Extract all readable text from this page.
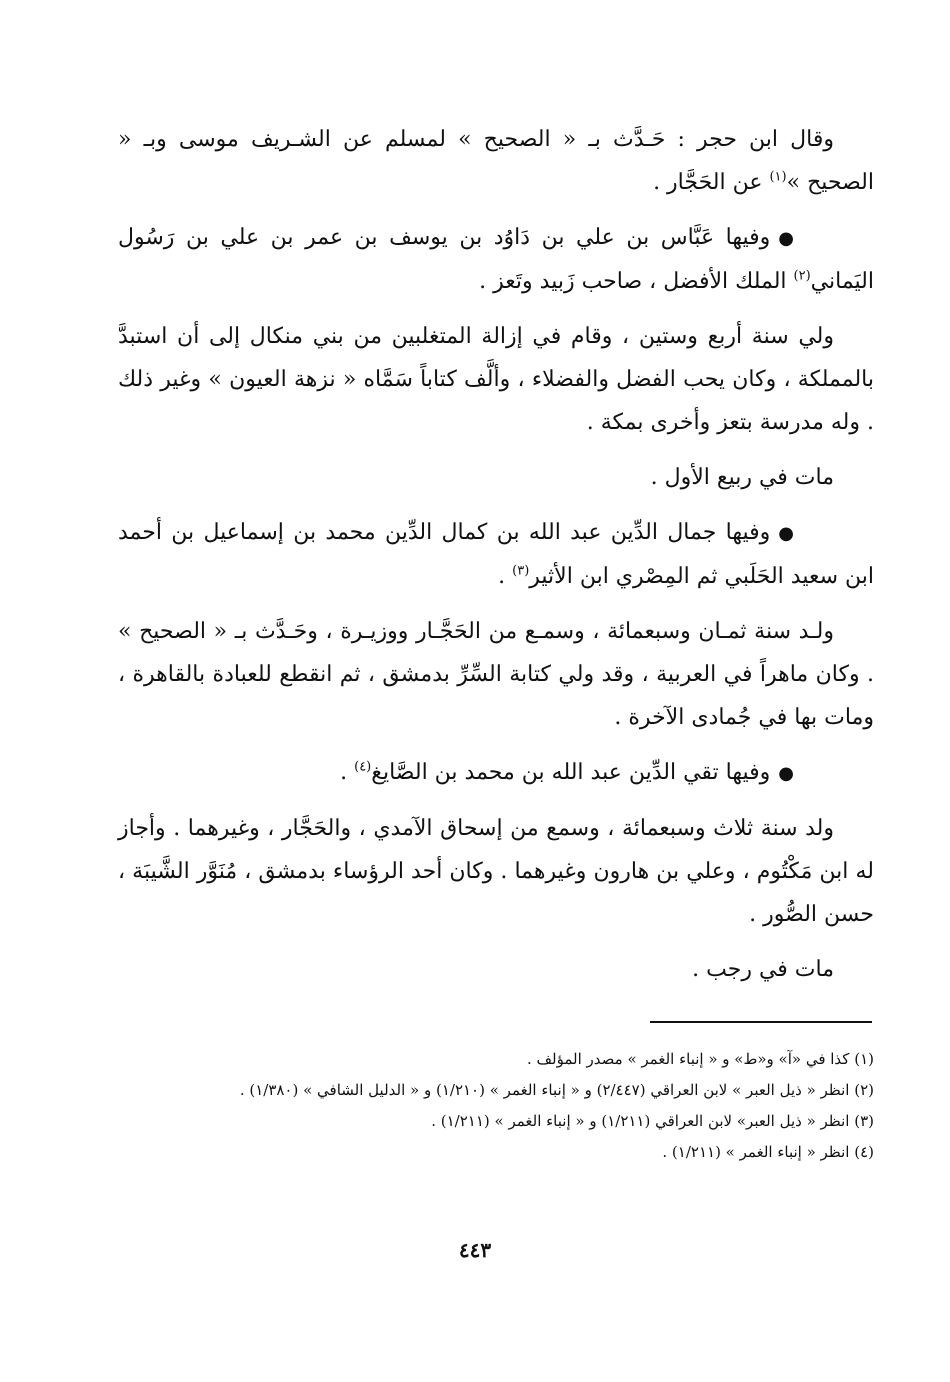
وقال ابن حجر : حَـدَّث بـ « الصحيح » لمسلم عن الشـريف موسى وبـ « الصحيح »$^{(١)}$ عن الحَجَّار .

●وفيها عَبَّاس بن علي بن دَاوُد بن يوسف بن عمر بن علي بن رَسُول اليَماني$^{(٢)}$ الملك الأفضل ، صاحب زَبيد وتَعز .

ولي سنة أربع وستين ، وقام في إزالة المتغلبين من بني منكال إلى أن استبدَّ بالمملكة ، وكان يحب الفضل والفضلاء ، وألَّف كتاباً سَمَّاه « نزهة العيون » وغير ذلك . وله مدرسة بتعز وأخرى بمكة .

مات في ربيع الأول .

●وفيها جمال الدِّين عبد الله بن كمال الدِّين محمد بن إسماعيل بن أحمد ابن سعيد الحَلَبي ثم المِصْري ابن الأثير$^{(٣)}$ .

ولـد سنة ثمـان وسبعمائة ، وسمـع من الحَجَّـار ووزيـرة ، وحَـدَّث بـ « الصحيح » . وكان ماهراً في العربية ، وقد ولي كتابة السِّرِّ بدمشق ، ثم انقطع للعبادة بالقاهرة ، ومات بها في جُمادى الآخرة .

●وفيها تقي الدِّين عبد الله بن محمد بن الصَّايغ$^{(٤)}$ .

ولد سنة ثلاث وسبعمائة ، وسمع من إسحاق الآمدي ، والحَجَّار ، وغيرهما . وأجاز له ابن مَكْتُوم ، وعلي بن هارون وغيرهما . وكان أحد الرؤساء بدمشق ، مُنَوَّر الشَّيبَة ، حسن الصُّور .

مات في رجب .

(١) كذا في «آ» و«ط» و « إنباء الغمر » مصدر المؤلف .

(٢) انظر « ذيل العبر » لابن العراقي (٢/٤٤٧) و « إنباء الغمر » (١/٢١٠) و « الدليل الشافي » (١/٣٨٠) .

(٣) انظر « ذيل العبر» لابن العراقي (١/٢١١) و « إنباء الغمر » (١/٢١١) .

(٤) انظر « إنباء الغمر » (١/٢١١) .

٤٤٣
